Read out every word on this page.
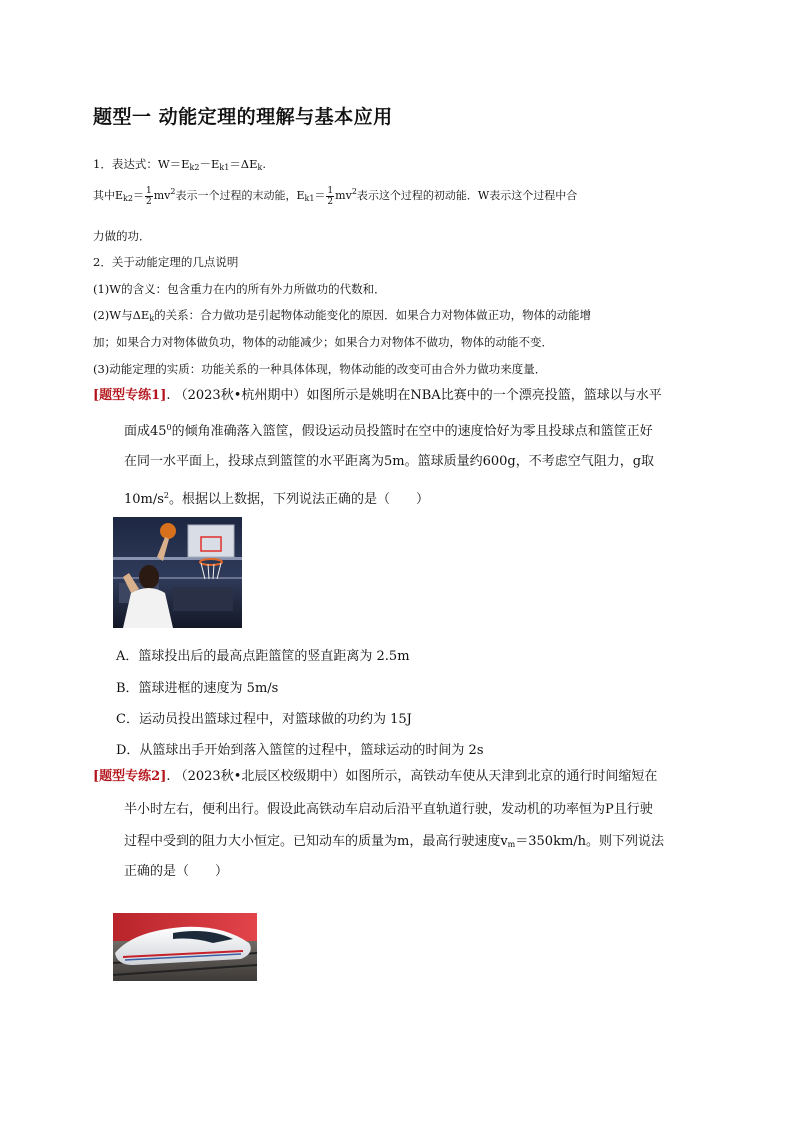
题型一 动能定理的理解与基本应用
1．表达式：$W=E_{k2}-E_{k1}=\Delta E_k$.
其中$E_{k2}= \frac{1}{2} mv^2$表示一个过程的末动能，$E_{k1}= \frac{1}{2} mv^2$表示这个过程的初动能．W表示这个过程中合
力做的功．
2．关于动能定理的几点说明
(1)W的含义：包含重力在内的所有外力所做功的代数和．
(2)W与$\Delta E_k$的关系：合力做功是引起物体动能变化的原因．如果合力对物体做正功，物体的动能增
加；如果合力对物体做负功，物体的动能减少；如果合力对物体不做功，物体的动能不变．
(3)动能定理的实质：功能关系的一种具体体现，物体动能的改变可由合外力做功来度量．
[题型专练1]. （2023秋•杭州期中）如图所示是姚明在NBA比赛中的一个漂亮投篮，篮球以与水平
面成$45^0$的倾角准确落入篮筐，假设运动员投篮时在空中的速度恰好为零且投球点和篮筐正好
在同一水平面上，投球点到篮筐的水平距离为5m。篮球质量约600g，不考虑空气阻力，g取
$10m/s^2$。根据以上数据，下列说法正确的是（　　）
A．篮球投出后的最高点距篮筐的竖直距离为 2.5m
B．篮球进框的速度为 5m/s
C．运动员投出篮球过程中，对篮球做的功约为 15J
D．从篮球出手开始到落入篮筐的过程中，篮球运动的时间为 2s
[题型专练2]. （2023秋•北辰区校级期中）如图所示，高铁动车使从天津到北京的通行时间缩短在
半小时左右，便利出行。假设此高铁动车启动后沿平直轨道行驶，发动机的功率恒为P且行驶
过程中受到的阻力大小恒定。已知动车的质量为m，最高行驶速度$v_m=350km/h$。则下列说法
正确的是（　　）
